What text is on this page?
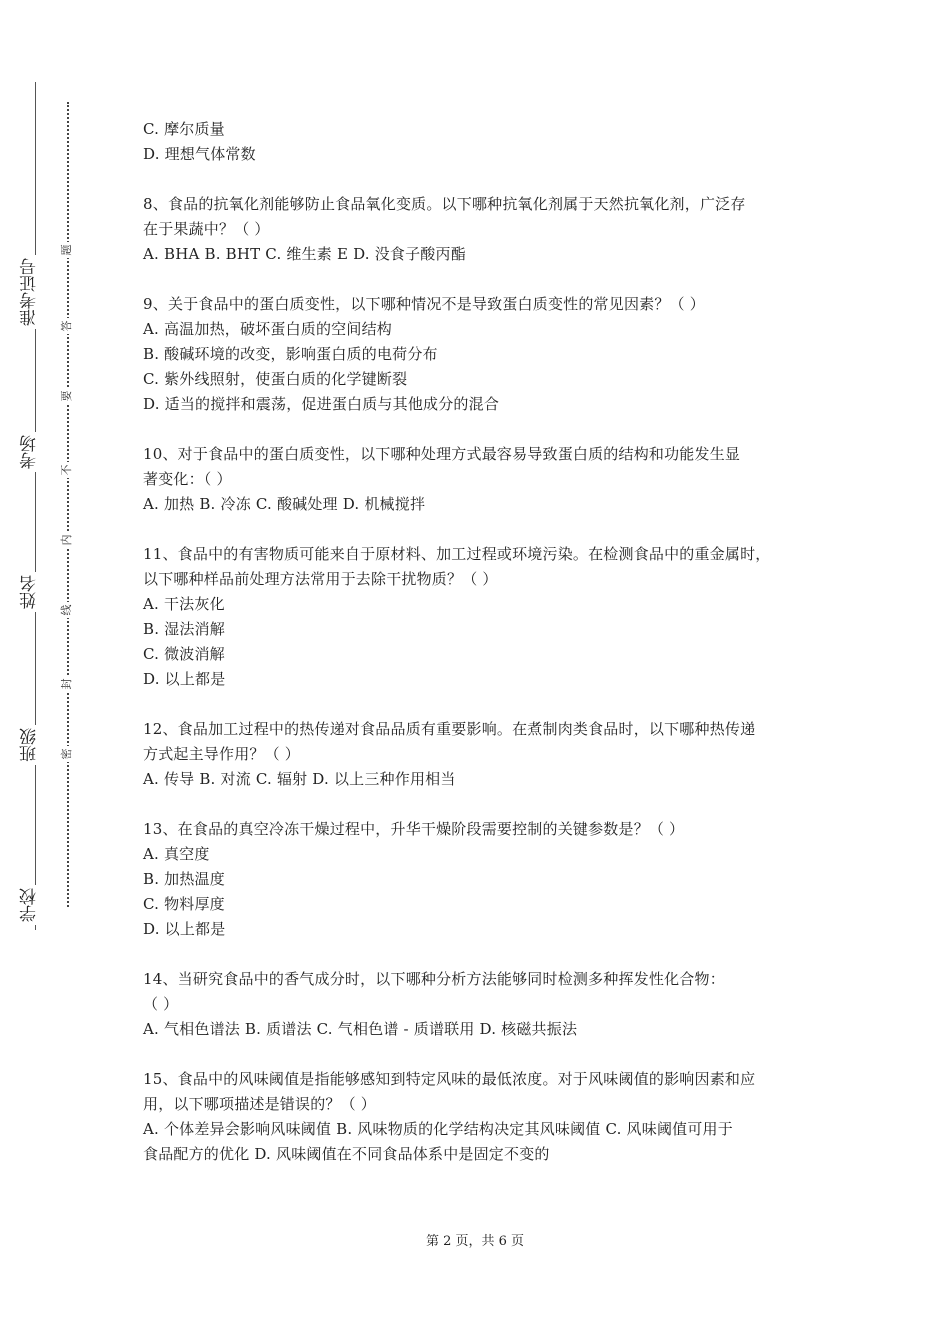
准考证号
考场
姓名
班级
学校
题
答
要
不
内
线
封
密

C. 摩尔质量

D. 理想气体常数

8、食品的抗氧化剂能够防止食品氧化变质。以下哪种抗氧化剂属于天然抗氧化剂，广泛存

在于果蔬中？（ ）

A. BHA B. BHT C. 维生素 E D. 没食子酸丙酯

9、关于食品中的蛋白质变性，以下哪种情况不是导致蛋白质变性的常见因素？（ ）

A. 高温加热，破坏蛋白质的空间结构

B. 酸碱环境的改变，影响蛋白质的电荷分布

C. 紫外线照射，使蛋白质的化学键断裂

D. 适当的搅拌和震荡，促进蛋白质与其他成分的混合

10、对于食品中的蛋白质变性，以下哪种处理方式最容易导致蛋白质的结构和功能发生显

著变化：（ ）

A. 加热 B. 冷冻 C. 酸碱处理 D. 机械搅拌

11、食品中的有害物质可能来自于原材料、加工过程或环境污染。在检测食品中的重金属时，

以下哪种样品前处理方法常用于去除干扰物质？（ ）

A. 干法灰化

B. 湿法消解

C. 微波消解

D. 以上都是

12、食品加工过程中的热传递对食品品质有重要影响。在煮制肉类食品时，以下哪种热传递

方式起主导作用？（ ）

A. 传导 B. 对流 C. 辐射 D. 以上三种作用相当

13、在食品的真空冷冻干燥过程中，升华干燥阶段需要控制的关键参数是？（ ）

A. 真空度

B. 加热温度

C. 物料厚度

D. 以上都是

14、当研究食品中的香气成分时，以下哪种分析方法能够同时检测多种挥发性化合物：

（ ）

A. 气相色谱法 B. 质谱法 C. 气相色谱 - 质谱联用 D. 核磁共振法

15、食品中的风味阈值是指能够感知到特定风味的最低浓度。对于风味阈值的影响因素和应

用，以下哪项描述是错误的？（ ）

A. 个体差异会影响风味阈值 B. 风味物质的化学结构决定其风味阈值 C. 风味阈值可用于

食品配方的优化 D. 风味阈值在不同食品体系中是固定不变的

第 2 页，共 6 页
